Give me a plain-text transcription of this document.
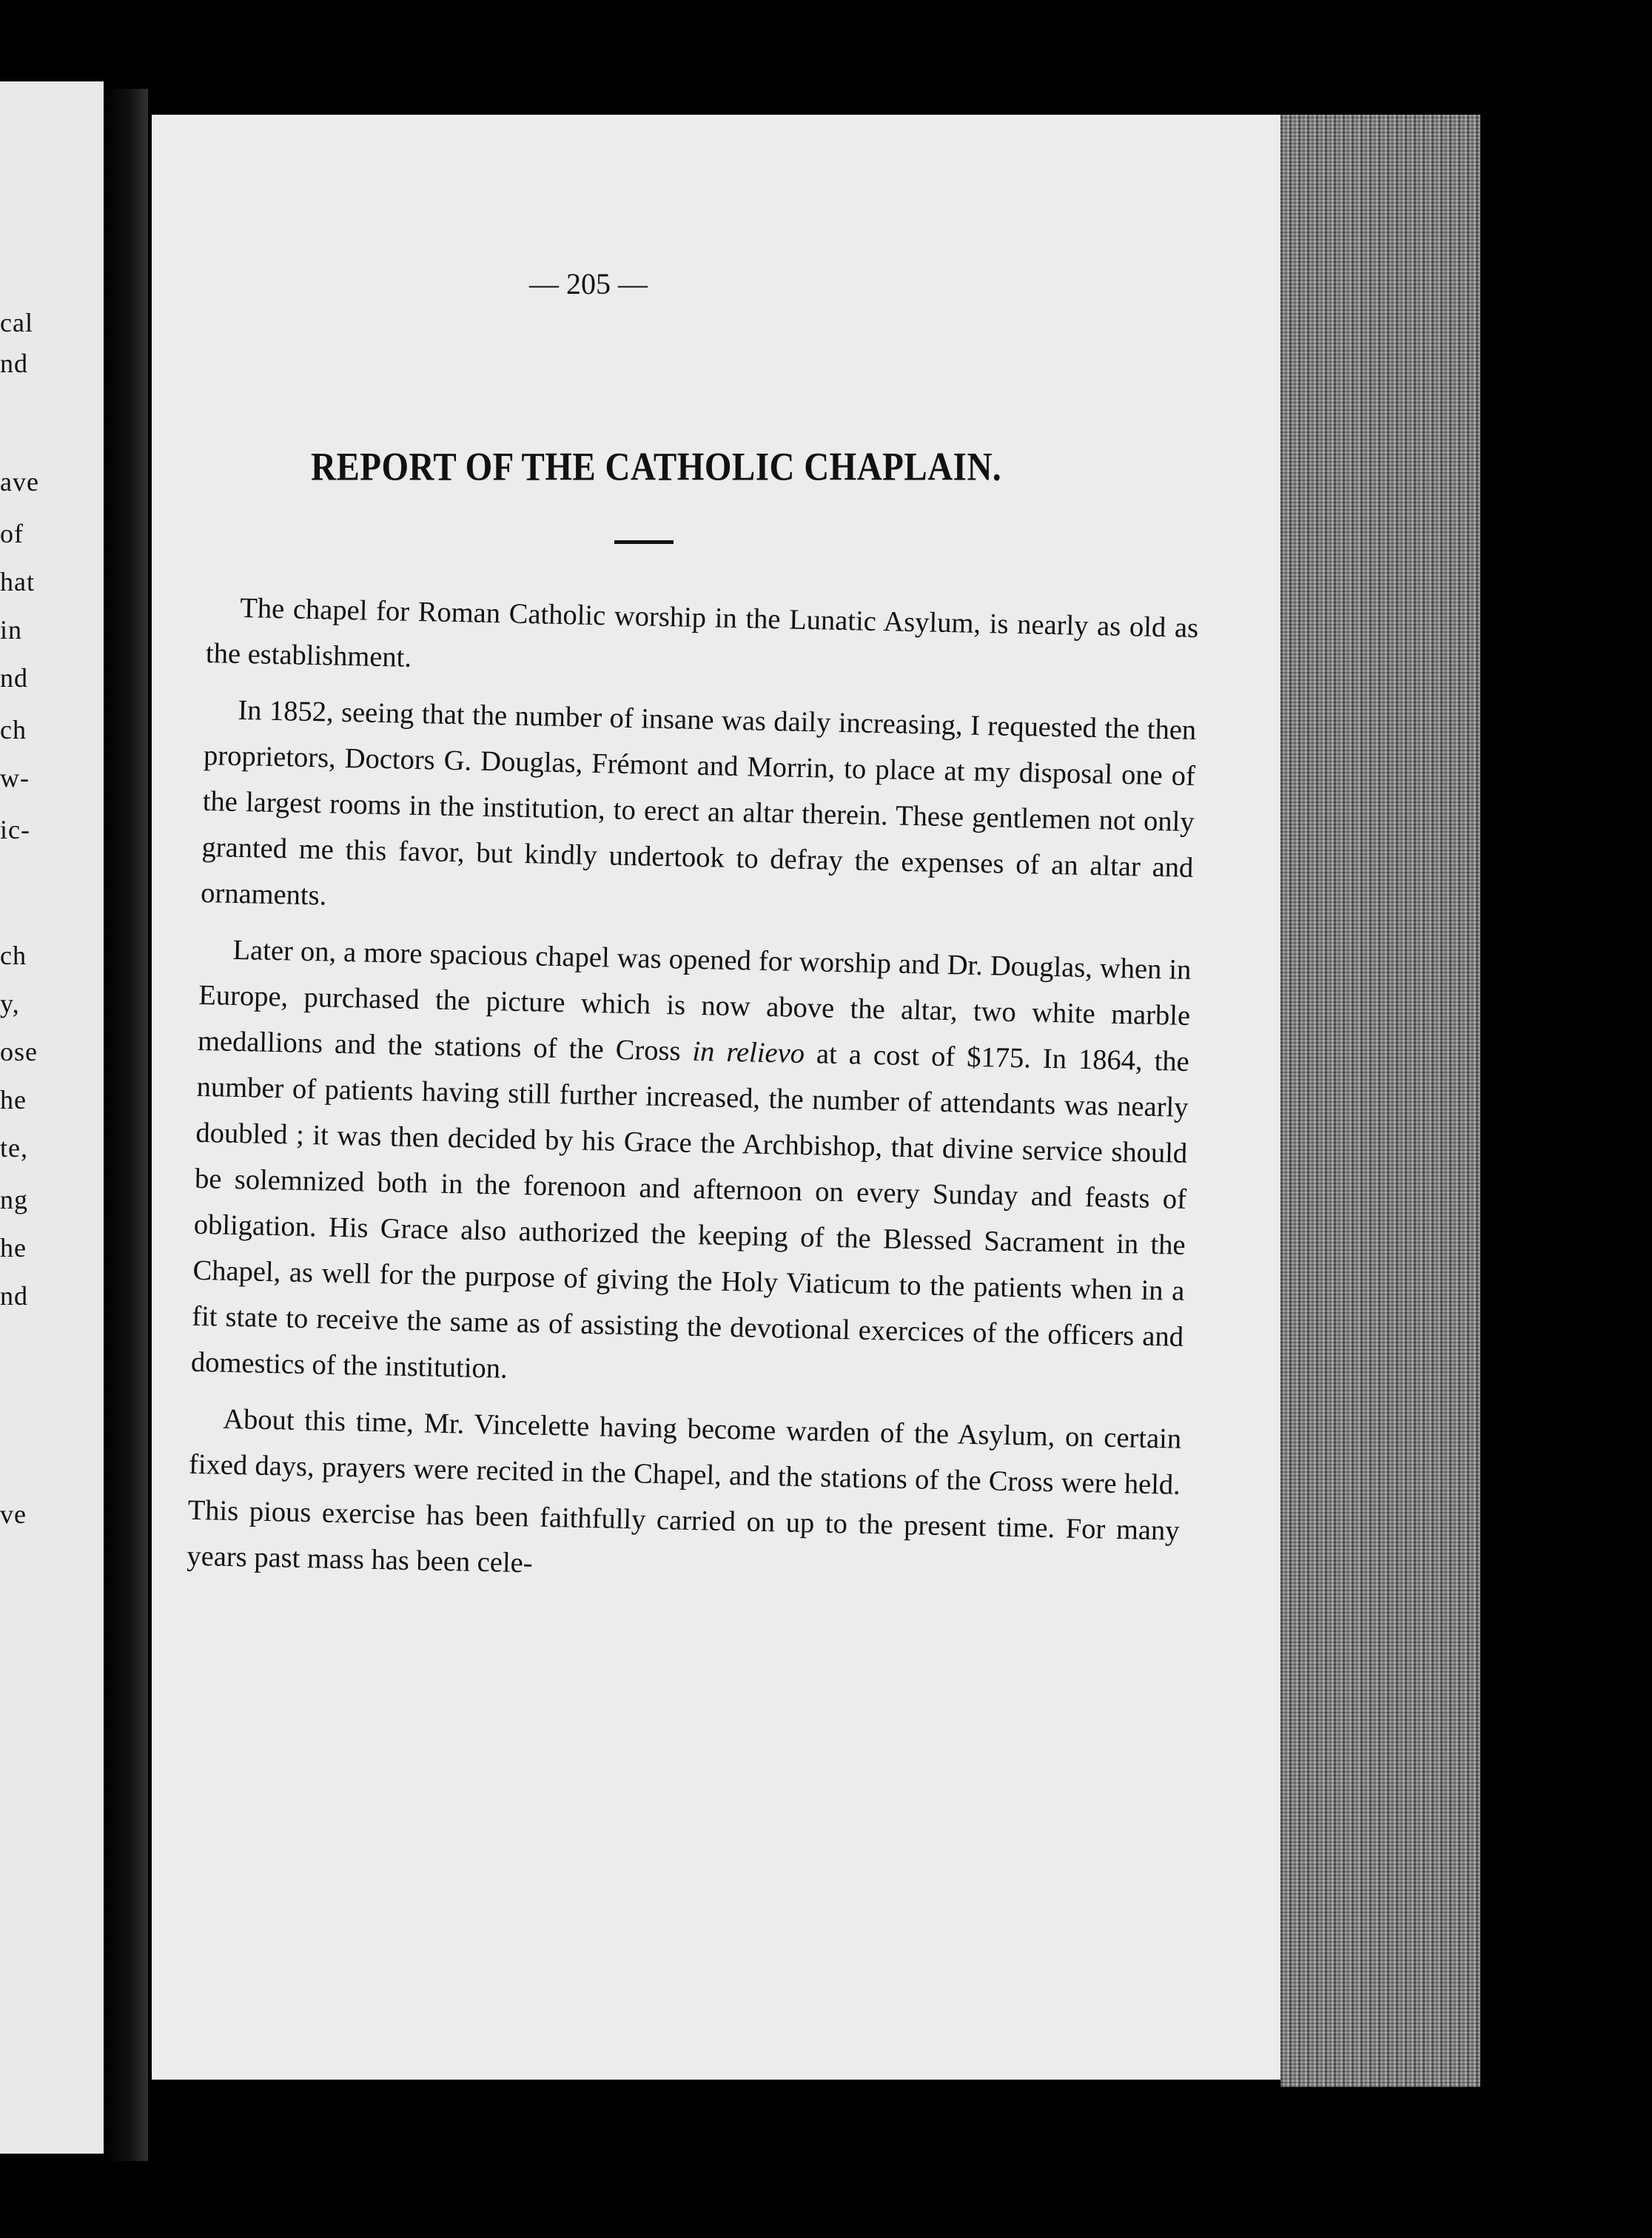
cal
nd
ave
of
hat
in
nd
ch
w-
ic-
ch
y,
ose
he
te,
ng
he
nd
ve
— 205 —
REPORT OF THE CATHOLIC CHAPLAIN.

The chapel for Roman Catholic worship in the Lunatic Asylum, is nearly as old as the establishment.

In 1852, seeing that the number of insane was daily increasing, I requested the then proprietors, Doctors G. Douglas, Frémont and Morrin, to place at my disposal one of the largest rooms in the institution, to erect an altar therein. These gentlemen not only granted me this favor, but kindly undertook to defray the expenses of an altar and ornaments.

Later on, a more spacious chapel was opened for worship and Dr. Douglas, when in Europe, purchased the picture which is now above the altar, two white marble medallions and the stations of the Cross in relievo at a cost of $175. In 1864, the number of patients having still further increased, the number of attendants was nearly doubled ; it was then decided by his Grace the Archbishop, that divine service should be solemnized both in the forenoon and afternoon on every Sunday and feasts of obligation. His Grace also authorized the keeping of the Blessed Sacrament in the Chapel, as well for the purpose of giving the Holy Viaticum to the patients when in a fit state to receive the same as of assisting the devotional exercices of the officers and domestics of the institution.

About this time, Mr. Vincelette having become warden of the Asylum, on certain fixed days, prayers were recited in the Chapel, and the stations of the Cross were held. This pious exercise has been faithfully carried on up to the present time. For many years past mass has been cele-
